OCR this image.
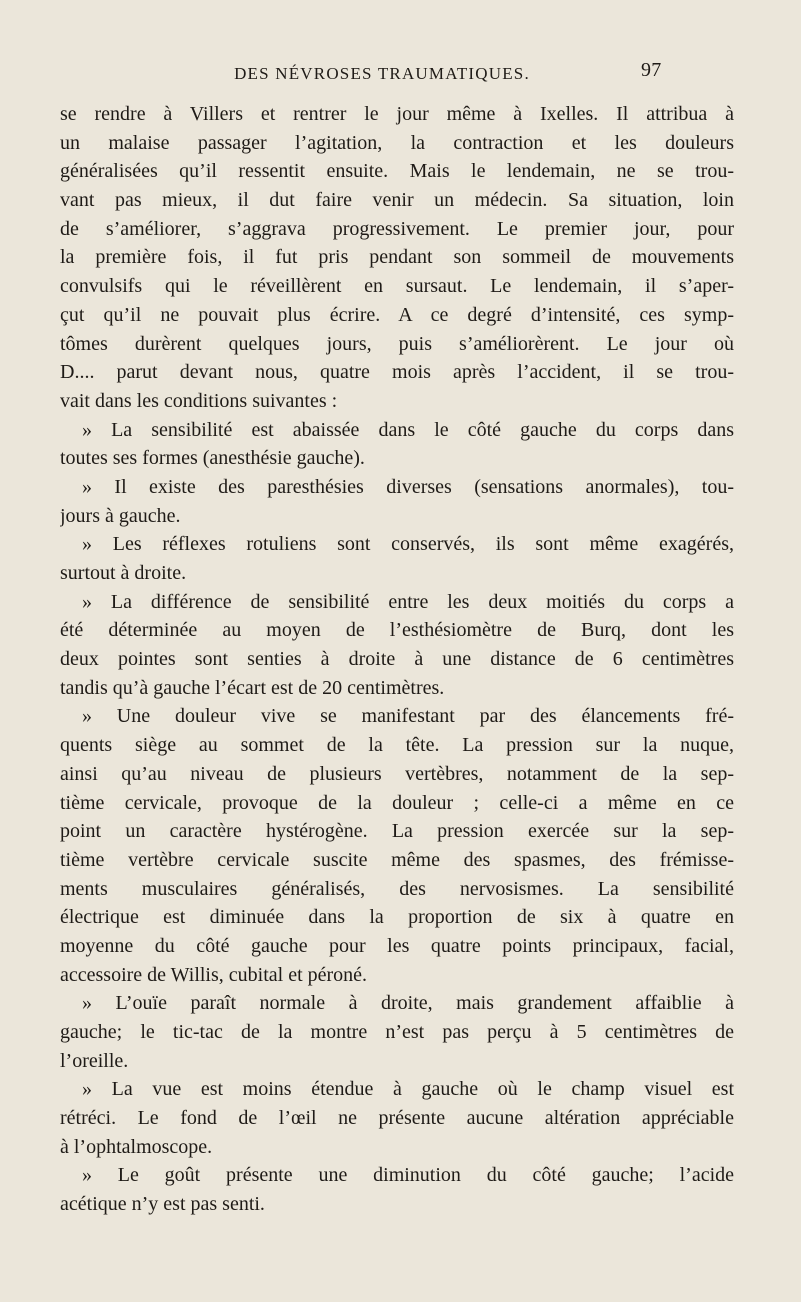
DES NÉVROSES TRAUMATIQUES.	97
se rendre à Villers et rentrer le jour même à Ixelles. Il attribua à
un malaise passager l’agitation, la contraction et les douleurs
généralisées qu’il ressentit ensuite. Mais le lendemain, ne se trou-
vant pas mieux, il dut faire venir un médecin. Sa situation, loin
de s’améliorer, s’aggrava progressivement. Le premier jour, pour
la première fois, il fut pris pendant son sommeil de mouvements
convulsifs qui le réveillèrent en sursaut. Le lendemain, il s’aper-
çut qu’il ne pouvait plus écrire. A ce degré d’intensité, ces symp-
tômes durèrent quelques jours, puis s’améliorèrent. Le jour où
D.... parut devant nous, quatre mois après l’accident, il se trou-
vait dans les conditions suivantes :
» La sensibilité est abaissée dans le côté gauche du corps dans
toutes ses formes (anesthésie gauche).
» Il existe des paresthésies diverses (sensations anormales), tou-
jours à gauche.
» Les réflexes rotuliens sont conservés, ils sont même exagérés,
surtout à droite.
» La différence de sensibilité entre les deux moitiés du corps a
été déterminée au moyen de l’esthésiomètre de Burq, dont les
deux pointes sont senties à droite à une distance de 6 centimètres
tandis qu’à gauche l’écart est de 20 centimètres.
» Une douleur vive se manifestant par des élancements fré-
quents siège au sommet de la tête. La pression sur la nuque,
ainsi qu’au niveau de plusieurs vertèbres, notamment de la sep-
tième cervicale, provoque de la douleur ; celle-ci a même en ce
point un caractère hystérogène. La pression exercée sur la sep-
tième vertèbre cervicale suscite même des spasmes, des frémisse-
ments musculaires généralisés, des nervosismes. La sensibilité
électrique est diminuée dans la proportion de six à quatre en
moyenne du côté gauche pour les quatre points principaux, facial,
accessoire de Willis, cubital et péroné.
» L’ouïe paraît normale à droite, mais grandement affaiblie à
gauche; le tic-tac de la montre n’est pas perçu à 5 centimètres de
l’oreille.
» La vue est moins étendue à gauche où le champ visuel est
rétréci. Le fond de l’œil ne présente aucune altération appréciable
à l’ophtalmoscope.
» Le goût présente une diminution du côté gauche; l’acide
acétique n’y est pas senti.
